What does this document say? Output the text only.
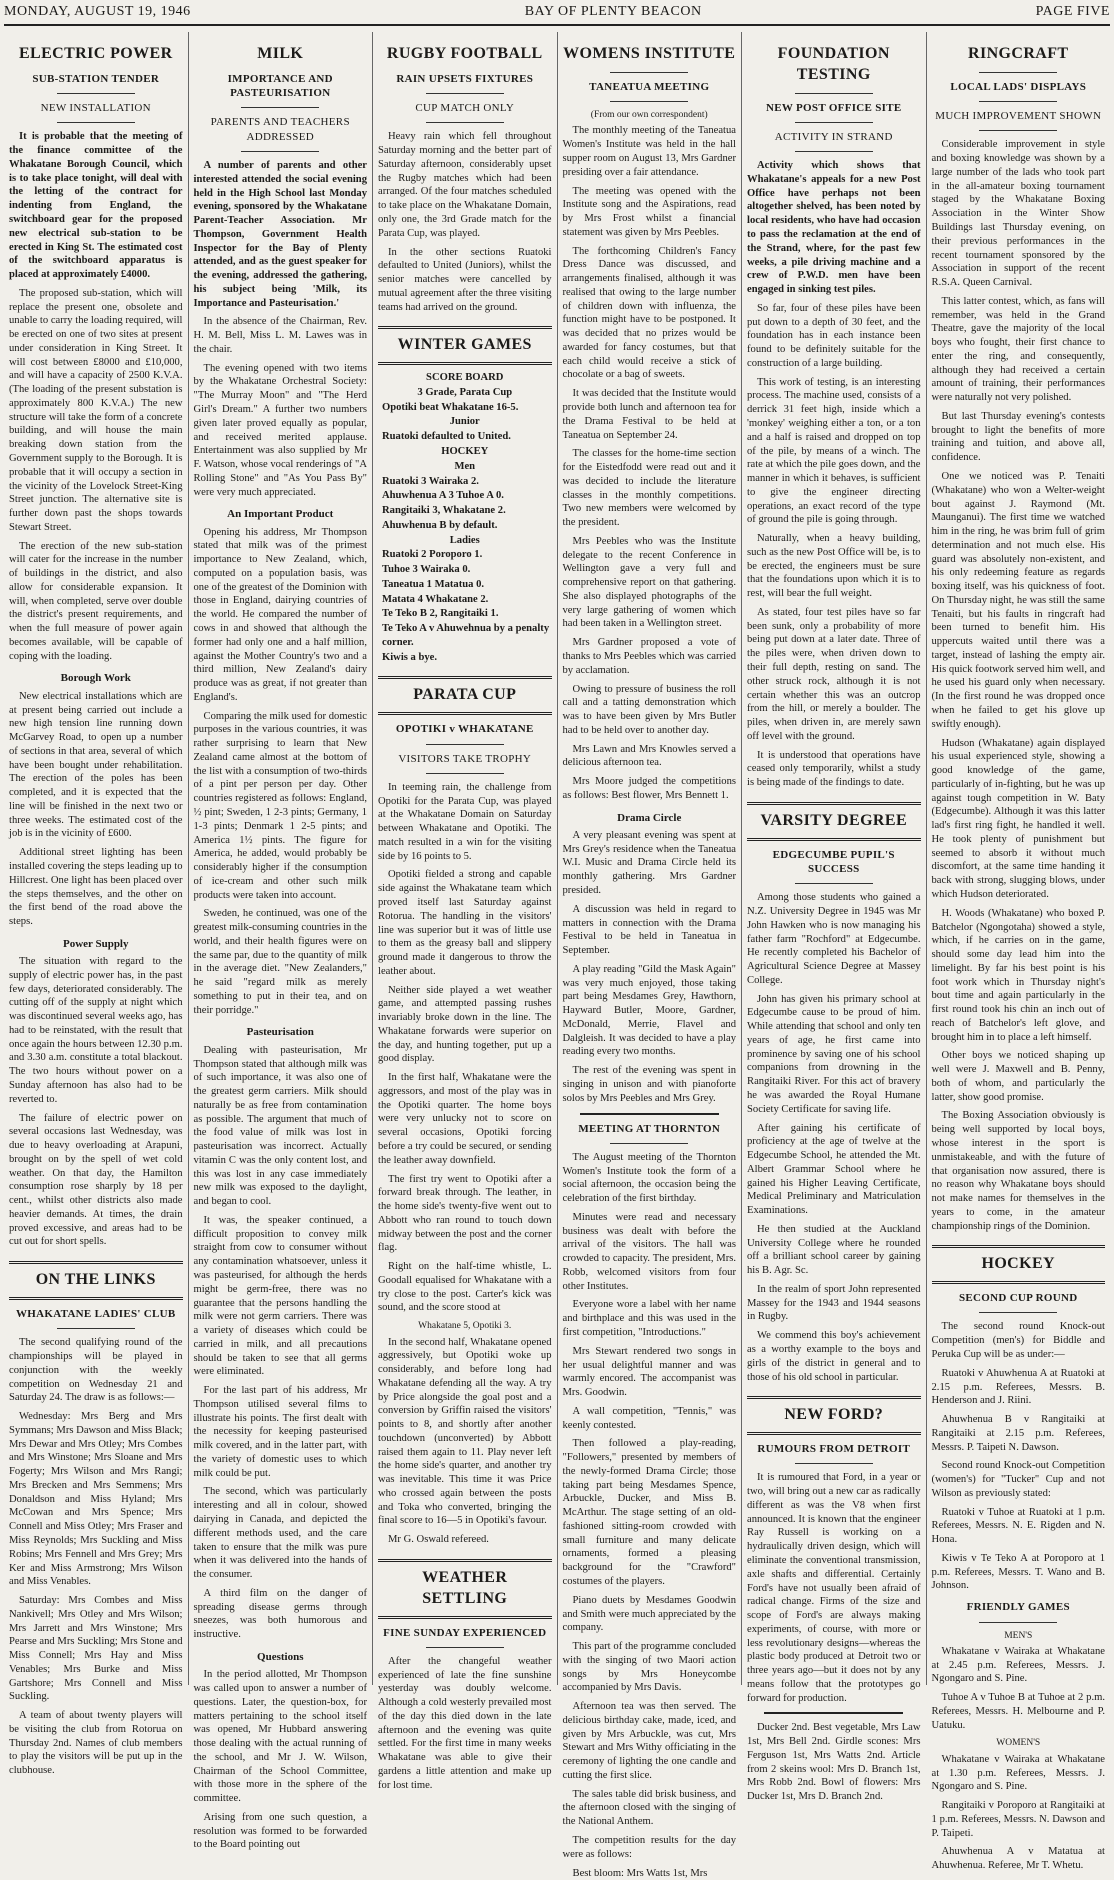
MONDAY, AUGUST 19, 1946	BAY OF PLENTY BEACON	PAGE FIVE
ELECTRIC POWER
SUB-STATION TENDER
NEW INSTALLATION

It is probable that the meeting of the finance committee of the Whakatane Borough Council, which is to take place tonight, will deal with the letting of the contract for indenting from England, the switchboard gear for the proposed new electrical sub-station to be erected in King St. The estimated cost of the switchboard apparatus is placed at approximately £4000.

The proposed sub-station, which will replace the present one, obsolete and unable to carry the loading required, will be erected on one of two sites at present under consideration in King Street. It will cost between £8000 and £10,000, and will have a capacity of 2500 K.V.A. (The loading of the present substation is approximately 800 K.V.A.) The new structure will take the form of a concrete building, and will house the main breaking down station from the Government supply to the Borough. It is probable that it will occupy a section in the vicinity of the Lovelock Street-King Street junction. The alternative site is further down past the shops towards Stewart Street.

The erection of the new sub-station will cater for the increase in the number of buildings in the district, and also allow for considerable expansion. It will, when completed, serve over double the district's present requirements, and when the full measure of power again becomes available, will be capable of coping with the loading.

Borough Work

New electrical installations which are at present being carried out include a new high tension line running down McGarvey Road, to open up a number of sections in that area, several of which have been bought under rehabilitation. The erection of the poles has been completed, and it is expected that the line will be finished in the next two or three weeks. The estimated cost of the job is in the vicinity of £600.

Additional street lighting has been installed covering the steps leading up to Hillcrest. One light has been placed over the steps themselves, and the other on the first bend of the road above the steps.

Power Supply

The situation with regard to the supply of electric power has, in the past few days, deteriorated considerably. The cutting off of the supply at night which was discontinued several weeks ago, has had to be reinstated, with the result that once again the hours between 12.30 p.m. and 3.30 a.m. constitute a total blackout. The two hours without power on a Sunday afternoon has also had to be reverted to.

The failure of electric power on several occasions last Wednesday, was due to heavy overloading at Arapuni, brought on by the spell of wet cold weather. On that day, the Hamilton consumption rose sharply by 18 per cent., whilst other districts also made heavier demands. At times, the drain proved excessive, and areas had to be cut out for short spells.

ON THE LINKS
WHAKATANE LADIES' CLUB

The second qualifying round of the championships will be played in conjunction with the weekly competition on Wednesday 21 and Saturday 24. The draw is as follows:—

Wednesday: Mrs Berg and Mrs Symmans; Mrs Dawson and Miss Black; Mrs Dewar and Mrs Otley; Mrs Combes and Mrs Winstone; Mrs Sloane and Mrs Fogerty; Mrs Wilson and Mrs Rangi; Mrs Brecken and Mrs Semmens; Mrs Donaldson and Miss Hyland; Mrs McCowan and Mrs Spence; Mrs Connell and Miss Otley; Mrs Fraser and Miss Reynolds; Mrs Suckling and Miss Robins; Mrs Fennell and Mrs Grey; Mrs Ker and Miss Armstrong; Mrs Wilson and Miss Venables.

Saturday: Mrs Combes and Miss Nankivell; Mrs Otley and Mrs Wilson; Mrs Jarrett and Mrs Winstone; Mrs Pearse and Mrs Suckling; Mrs Stone and Miss Connell; Mrs Hay and Miss Venables; Mrs Burke and Miss Gartshore; Mrs Connell and Miss Suckling.

A team of about twenty players will be visiting the club from Rotorua on Thursday 2nd. Names of club members to play the visitors will be put up in the clubhouse.

MILK
IMPORTANCE AND PASTEURISATION
PARENTS AND TEACHERS ADDRESSED

A number of parents and other interested attended the social evening held in the High School last Monday evening, sponsored by the Whakatane Parent-Teacher Association. Mr Thompson, Government Health Inspector for the Bay of Plenty attended, and as the guest speaker for the evening, addressed the gathering, his subject being 'Milk, its Importance and Pasteurisation.'

In the absence of the Chairman, Rev. H. M. Bell, Miss L. M. Lawes was in the chair.

The evening opened with two items by the Whakatane Orchestral Society: "The Murray Moon" and "The Herd Girl's Dream." A further two numbers given later proved equally as popular, and received merited applause. Entertainment was also supplied by Mr F. Watson, whose vocal renderings of "A Rolling Stone" and "As You Pass By" were very much appreciated.

An Important Product

Opening his address, Mr Thompson stated that milk was of the primest importance to New Zealand, which, computed on a population basis, was one of the greatest of the Dominion with those in England, dairying countries of the world. He compared the number of cows in and showed that although the former had only one and a half million, against the Mother Country's two and a third million, New Zealand's dairy produce was as great, if not greater than England's.

Comparing the milk used for domestic purposes in the various countries, it was rather surprising to learn that New Zealand came almost at the bottom of the list with a consumption of two-thirds of a pint per person per day. Other countries registered as follows: England, ½ pint; Sweden, 1 2-3 pints; Germany, 1 1-3 pints; Denmark 1 2-5 pints; and America 1½ pints. The figure for America, he added, would probably be considerably higher if the consumption of ice-cream and other such milk products were taken into account.

Sweden, he continued, was one of the greatest milk-consuming countries in the world, and their health figures were on the same par, due to the quantity of milk in the average diet. "New Zealanders," he said "regard milk as merely something to put in their tea, and on their porridge."

Pasteurisation

Dealing with pasteurisation, Mr Thompson stated that although milk was of such importance, it was also one of the greatest germ carriers. Milk should naturally be as free from contamination as possible. The argument that much of the food value of milk was lost in pasteurisation was incorrect. Actually vitamin C was the only content lost, and this was lost in any case immediately new milk was exposed to the daylight, and began to cool.

It was, the speaker continued, a difficult proposition to convey milk straight from cow to consumer without any contamination whatsoever, unless it was pasteurised, for although the herds might be germ-free, there was no guarantee that the persons handling the milk were not germ carriers. There was a variety of diseases which could be carried in milk, and all precautions should be taken to see that all germs were eliminated.

For the last part of his address, Mr Thompson utilised several films to illustrate his points. The first dealt with the necessity for keeping pasteurised milk covered, and in the latter part, with the variety of domestic uses to which milk could be put.

The second, which was particularly interesting and all in colour, showed dairying in Canada, and depicted the different methods used, and the care taken to ensure that the milk was pure when it was delivered into the hands of the consumer.

A third film on the danger of spreading disease germs through sneezes, was both humorous and instructive.

Questions

In the period allotted, Mr Thompson was called upon to answer a number of questions. Later, the question-box, for matters pertaining to the school itself was opened, Mr Hubbard answering those dealing with the actual running of the school, and Mr J. W. Wilson, Chairman of the School Committee, with those more in the sphere of the committee.

Arising from one such question, a resolution was formed to be forwarded to the Board pointing out

RUGBY FOOTBALL
RAIN UPSETS FIXTURES
CUP MATCH ONLY

Heavy rain which fell throughout Saturday morning and the better part of Saturday afternoon, considerably upset the Rugby matches which had been arranged. Of the four matches scheduled to take place on the Whakatane Domain, only one, the 3rd Grade match for the Parata Cup, was played.

In the other sections Ruatoki defaulted to United (Juniors), whilst the senior matches were cancelled by mutual agreement after the three visiting teams had arrived on the ground.

WINTER GAMES
SCORE BOARD
3 Grade, Parata Cup
Opotiki beat Whakatane 16-5.
Junior
Ruatoki defaulted to United.
HOCKEY
Men
Ruatoki 3 Wairaka 2.
Ahuwhenua A 3 Tuhoe A 0.
Rangitaiki 3, Whakatane 2.
Ahuwhenua B by default.
Ladies
Ruatoki 2 Poroporo 1.
Tuhoe 3 Wairaka 0.
Taneatua 1 Matatua 0.
Matata 4 Whakatane 2.
Te Teko B 2, Rangitaiki 1.
Te Teko A v Ahuwehnua by a penalty corner.
Kiwis a bye.
PARATA CUP
OPOTIKI v WHAKATANE
VISITORS TAKE TROPHY

In teeming rain, the challenge from Opotiki for the Parata Cup, was played at the Whakatane Domain on Saturday between Whakatane and Opotiki. The match resulted in a win for the visiting side by 16 points to 5.

Opotiki fielded a strong and capable side against the Whakatane team which proved itself last Saturday against Rotorua. The handling in the visitors' line was superior but it was of little use to them as the greasy ball and slippery ground made it dangerous to throw the leather about.

Neither side played a wet weather game, and attempted passing rushes invariably broke down in the line. The Whakatane forwards were superior on the day, and hunting together, put up a good display.

In the first half, Whakatane were the aggressors, and most of the play was in the Opotiki quarter. The home boys were very unlucky not to score on several occasions, Opotiki forcing before a try could be secured, or sending the leather away downfield.

The first try went to Opotiki after a forward break through. The leather, in the home side's twenty-five went out to Abbott who ran round to touch down midway between the post and the corner flag.

Right on the half-time whistle, L. Goodall equalised for Whakatane with a try close to the post. Carter's kick was sound, and the score stood at

Whakatane 5, Opotiki 3.

In the second half, Whakatane opened aggressively, but Opotiki woke up considerably, and before long had Whakatane defending all the way. A try by Price alongside the goal post and a conversion by Griffin raised the visitors' points to 8, and shortly after another touchdown (unconverted) by Abbott raised them again to 11. Play never left the home side's quarter, and another try was inevitable. This time it was Price who crossed again between the posts and Toka who converted, bringing the final score to 16—5 in Opotiki's favour.

Mr G. Oswald refereed.

WEATHER SETTLING
FINE SUNDAY EXPERIENCED

After the changeful weather experienced of late the fine sunshine yesterday was doubly welcome. Although a cold westerly prevailed most of the day this died down in the late afternoon and the evening was quite settled. For the first time in many weeks Whakatane was able to give their gardens a little attention and make up for lost time.

WOMENS INSTITUTE
TANEATUA MEETING
(From our own correspondent)

The monthly meeting of the Taneatua Women's Institute was held in the hall supper room on August 13, Mrs Gardner presiding over a fair attendance.

The meeting was opened with the Institute song and the Aspirations, read by Mrs Frost whilst a financial statement was given by Mrs Peebles.

The forthcoming Children's Fancy Dress Dance was discussed, and arrangements finalised, although it was realised that owing to the large number of children down with influenza, the function might have to be postponed. It was decided that no prizes would be awarded for fancy costumes, but that each child would receive a stick of chocolate or a bag of sweets.

It was decided that the Institute would provide both lunch and afternoon tea for the Drama Festival to be held at Taneatua on September 24.

The classes for the home-time section for the Eistedfodd were read out and it was decided to include the literature classes in the monthly competitions. Two new members were welcomed by the president.

Mrs Peebles who was the Institute delegate to the recent Conference in Wellington gave a very full and comprehensive report on that gathering. She also displayed photographs of the very large gathering of women which had been taken in a Wellington street.

Mrs Gardner proposed a vote of thanks to Mrs Peebles which was carried by acclamation.

Owing to pressure of business the roll call and a tatting demonstration which was to have been given by Mrs Butler had to be held over to another day.

Mrs Lawn and Mrs Knowles served a delicious afternoon tea.

Mrs Moore judged the competitions as follows: Best flower, Mrs Bennett 1.

Drama Circle

A very pleasant evening was spent at Mrs Grey's residence when the Taneatua W.I. Music and Drama Circle held its monthly gathering. Mrs Gardner presided.

A discussion was held in regard to matters in connection with the Drama Festival to be held in Taneatua in September.

A play reading "Gild the Mask Again" was very much enjoyed, those taking part being Mesdames Grey, Hawthorn, Hayward Butler, Moore, Gardner, McDonald, Merrie, Flavel and Dalgleish. It was decided to have a play reading every two months.

The rest of the evening was spent in singing in unison and with pianoforte solos by Mrs Peebles and Mrs Grey.

MEETING AT THORNTON

The August meeting of the Thornton Women's Institute took the form of a social afternoon, the occasion being the celebration of the first birthday.

Minutes were read and necessary business was dealt with before the arrival of the visitors. The hall was crowded to capacity. The president, Mrs. Robb, welcomed visitors from four other Institutes.

Everyone wore a label with her name and birthplace and this was used in the first competition, "Introductions."

Mrs Stewart rendered two songs in her usual delightful manner and was warmly encored. The accompanist was Mrs. Goodwin.

A wall competition, "Tennis," was keenly contested.

Then followed a play-reading, "Followers," presented by members of the newly-formed Drama Circle; those taking part being Mesdames Spence, Arbuckle, Ducker, and Miss B. McArthur. The stage setting of an old-fashioned sitting-room crowded with small furniture and many delicate ornaments, formed a pleasing background for the "Crawford" costumes of the players.

Piano duets by Mesdames Goodwin and Smith were much appreciated by the company.

This part of the programme concluded with the singing of two Maori action songs by Mrs Honeycombe accompanied by Mrs Davis.

Afternoon tea was then served. The delicious birthday cake, made, iced, and given by Mrs Arbuckle, was cut, Mrs Stewart and Mrs Withy officiating in the ceremony of lighting the one candle and cutting the first slice.

The sales table did brisk business, and the afternoon closed with the singing of the National Anthem.

The competition results for the day were as follows:

Best bloom: Mrs Watts 1st, Mrs

FOUNDATION TESTING
NEW POST OFFICE SITE
ACTIVITY IN STRAND

Activity which shows that Whakatane's appeals for a new Post Office have perhaps not been altogether shelved, has been noted by local residents, who have had occasion to pass the reclamation at the end of the Strand, where, for the past few weeks, a pile driving machine and a crew of P.W.D. men have been engaged in sinking test piles.

So far, four of these piles have been put down to a depth of 30 feet, and the foundation has in each instance been found to be definitely suitable for the construction of a large building.

This work of testing, is an interesting process. The machine used, consists of a derrick 31 feet high, inside which a 'monkey' weighing either a ton, or a ton and a half is raised and dropped on top of the pile, by means of a winch. The rate at which the pile goes down, and the manner in which it behaves, is sufficient to give the engineer directing operations, an exact record of the type of ground the pile is going through.

Naturally, when a heavy building, such as the new Post Office will be, is to be erected, the engineers must be sure that the foundations upon which it is to rest, will bear the full weight.

As stated, four test piles have so far been sunk, only a probability of more being put down at a later date. Three of the piles were, when driven down to their full depth, resting on sand. The other struck rock, although it is not certain whether this was an outcrop from the hill, or merely a boulder. The piles, when driven in, are merely sawn off level with the ground.

It is understood that operations have ceased only temporarily, whilst a study is being made of the findings to date.

VARSITY DEGREE
EDGECUMBE PUPIL'S SUCCESS

Among those students who gained a N.Z. University Degree in 1945 was Mr John Hawken who is now managing his father farm "Rochford" at Edgecumbe. He recently completed his Bachelor of Agricultural Science Degree at Massey College.

John has given his primary school at Edgecumbe cause to be proud of him. While attending that school and only ten years of age, he first came into prominence by saving one of his school companions from drowning in the Rangitaiki River. For this act of bravery he was awarded the Royal Humane Society Certificate for saving life.

After gaining his certificate of proficiency at the age of twelve at the Edgecumbe School, he attended the Mt. Albert Grammar School where he gained his Higher Leaving Certificate, Medical Preliminary and Matriculation Examinations.

He then studied at the Auckland University College where he rounded off a brilliant school career by gaining his B. Agr. Sc.

In the realm of sport John represented Massey for the 1943 and 1944 seasons in Rugby.

We commend this boy's achievement as a worthy example to the boys and girls of the district in general and to those of his old school in particular.

NEW FORD?
RUMOURS FROM DETROIT

It is rumoured that Ford, in a year or two, will bring out a new car as radically different as was the V8 when first announced. It is known that the engineer Ray Russell is working on a hydraulically driven design, which will eliminate the conventional transmission, axle shafts and differential. Certainly Ford's have not usually been afraid of radical change. Firms of the size and scope of Ford's are always making experiments, of course, with more or less revolutionary designs—whereas the plastic body produced at Detroit two or three years ago—but it does not by any means follow that the prototypes go forward for production.

Ducker 2nd. Best vegetable, Mrs Law 1st, Mrs Bell 2nd. Girdle scones: Mrs Ferguson 1st, Mrs Watts 2nd. Article from 2 skeins wool: Mrs D. Branch 1st, Mrs Robb 2nd. Bowl of flowers: Mrs Ducker 1st, Mrs D. Branch 2nd.

RINGCRAFT
LOCAL LADS' DISPLAYS
MUCH IMPROVEMENT SHOWN

Considerable improvement in style and boxing knowledge was shown by a large number of the lads who took part in the all-amateur boxing tournament staged by the Whakatane Boxing Association in the Winter Show Buildings last Thursday evening, on their previous performances in the recent tournament sponsored by the Association in support of the recent R.S.A. Queen Carnival.

This latter contest, which, as fans will remember, was held in the Grand Theatre, gave the majority of the local boys who fought, their first chance to enter the ring, and consequently, although they had received a certain amount of training, their performances were naturally not very polished.

But last Thursday evening's contests brought to light the benefits of more training and tuition, and above all, confidence.

One we noticed was P. Tenaiti (Whakatane) who won a Welter-weight bout against J. Raymond (Mt. Maunganui). The first time we watched him in the ring, he was brim full of grim determination and not much else. His guard was absolutely non-existent, and his only redeeming feature as regards boxing itself, was his quickness of foot. On Thursday night, he was still the same Tenaiti, but his faults in ringcraft had been turned to benefit him. His uppercuts waited until there was a target, instead of lashing the empty air. His quick footwork served him well, and he used his guard only when necessary. (In the first round he was dropped once when he failed to get his glove up swiftly enough).

Hudson (Whakatane) again displayed his usual experienced style, showing a good knowledge of the game, particularly of in-fighting, but he was up against tough competition in W. Baty (Edgecumbe). Although it was this latter lad's first ring fight, he handled it well. He took plenty of punishment but seemed to absorb it without much discomfort, at the same time handing it back with strong, slugging blows, under which Hudson deteriorated.

H. Woods (Whakatane) who boxed P. Batchelor (Ngongotaha) showed a style, which, if he carries on in the game, should some day lead him into the limelight. By far his best point is his foot work which in Thursday night's bout time and again particularly in the first round took his chin an inch out of reach of Batchelor's left glove, and brought him in to place a left himself.

Other boys we noticed shaping up well were J. Maxwell and B. Penny, both of whom, and particularly the latter, show good promise.

The Boxing Association obviously is being well supported by local boys, whose interest in the sport is unmistakeable, and with the future of that organisation now assured, there is no reason why Whakatane boys should not make names for themselves in the years to come, in the amateur championship rings of the Dominion.

HOCKEY
SECOND CUP ROUND

The second round Knock-out Competition (men's) for Biddle and Peruka Cup will be as under:—

Ruatoki v Ahuwhenua A at Ruatoki at 2.15 p.m. Referees, Messrs. B. Henderson and J. Riini.

Ahuwhenua B v Rangitaiki at Rangitaiki at 2.15 p.m. Referees, Messrs. P. Taipeti N. Dawson.

Second round Knock-out Competition (women's) for "Tucker" Cup and not Wilson as previously stated:

Ruatoki v Tuhoe at Ruatoki at 1 p.m. Referees, Messrs. N. E. Rigden and N. Hona.

Kiwis v Te Teko A at Poroporo at 1 p.m. Referees, Messrs. T. Wano and B. Johnson.

FRIENDLY GAMES
MEN'S

Whakatane v Wairaka at Whakatane at 2.45 p.m. Referees, Messrs. J. Ngongaro and S. Pine.

Tuhoe A v Tuhoe B at Tuhoe at 2 p.m. Referees, Messrs. H. Melbourne and P. Uatuku.

WOMEN'S

Whakatane v Wairaka at Whakatane at 1.30 p.m. Referees, Messrs. J. Ngongaro and S. Pine.

Rangitaiki v Poroporo at Rangitaiki at 1 p.m. Referees, Messrs. N. Dawson and P. Taipeti.

Ahuwhenua A v Matatua at Ahuwhenua. Referee, Mr T. Whetu.
